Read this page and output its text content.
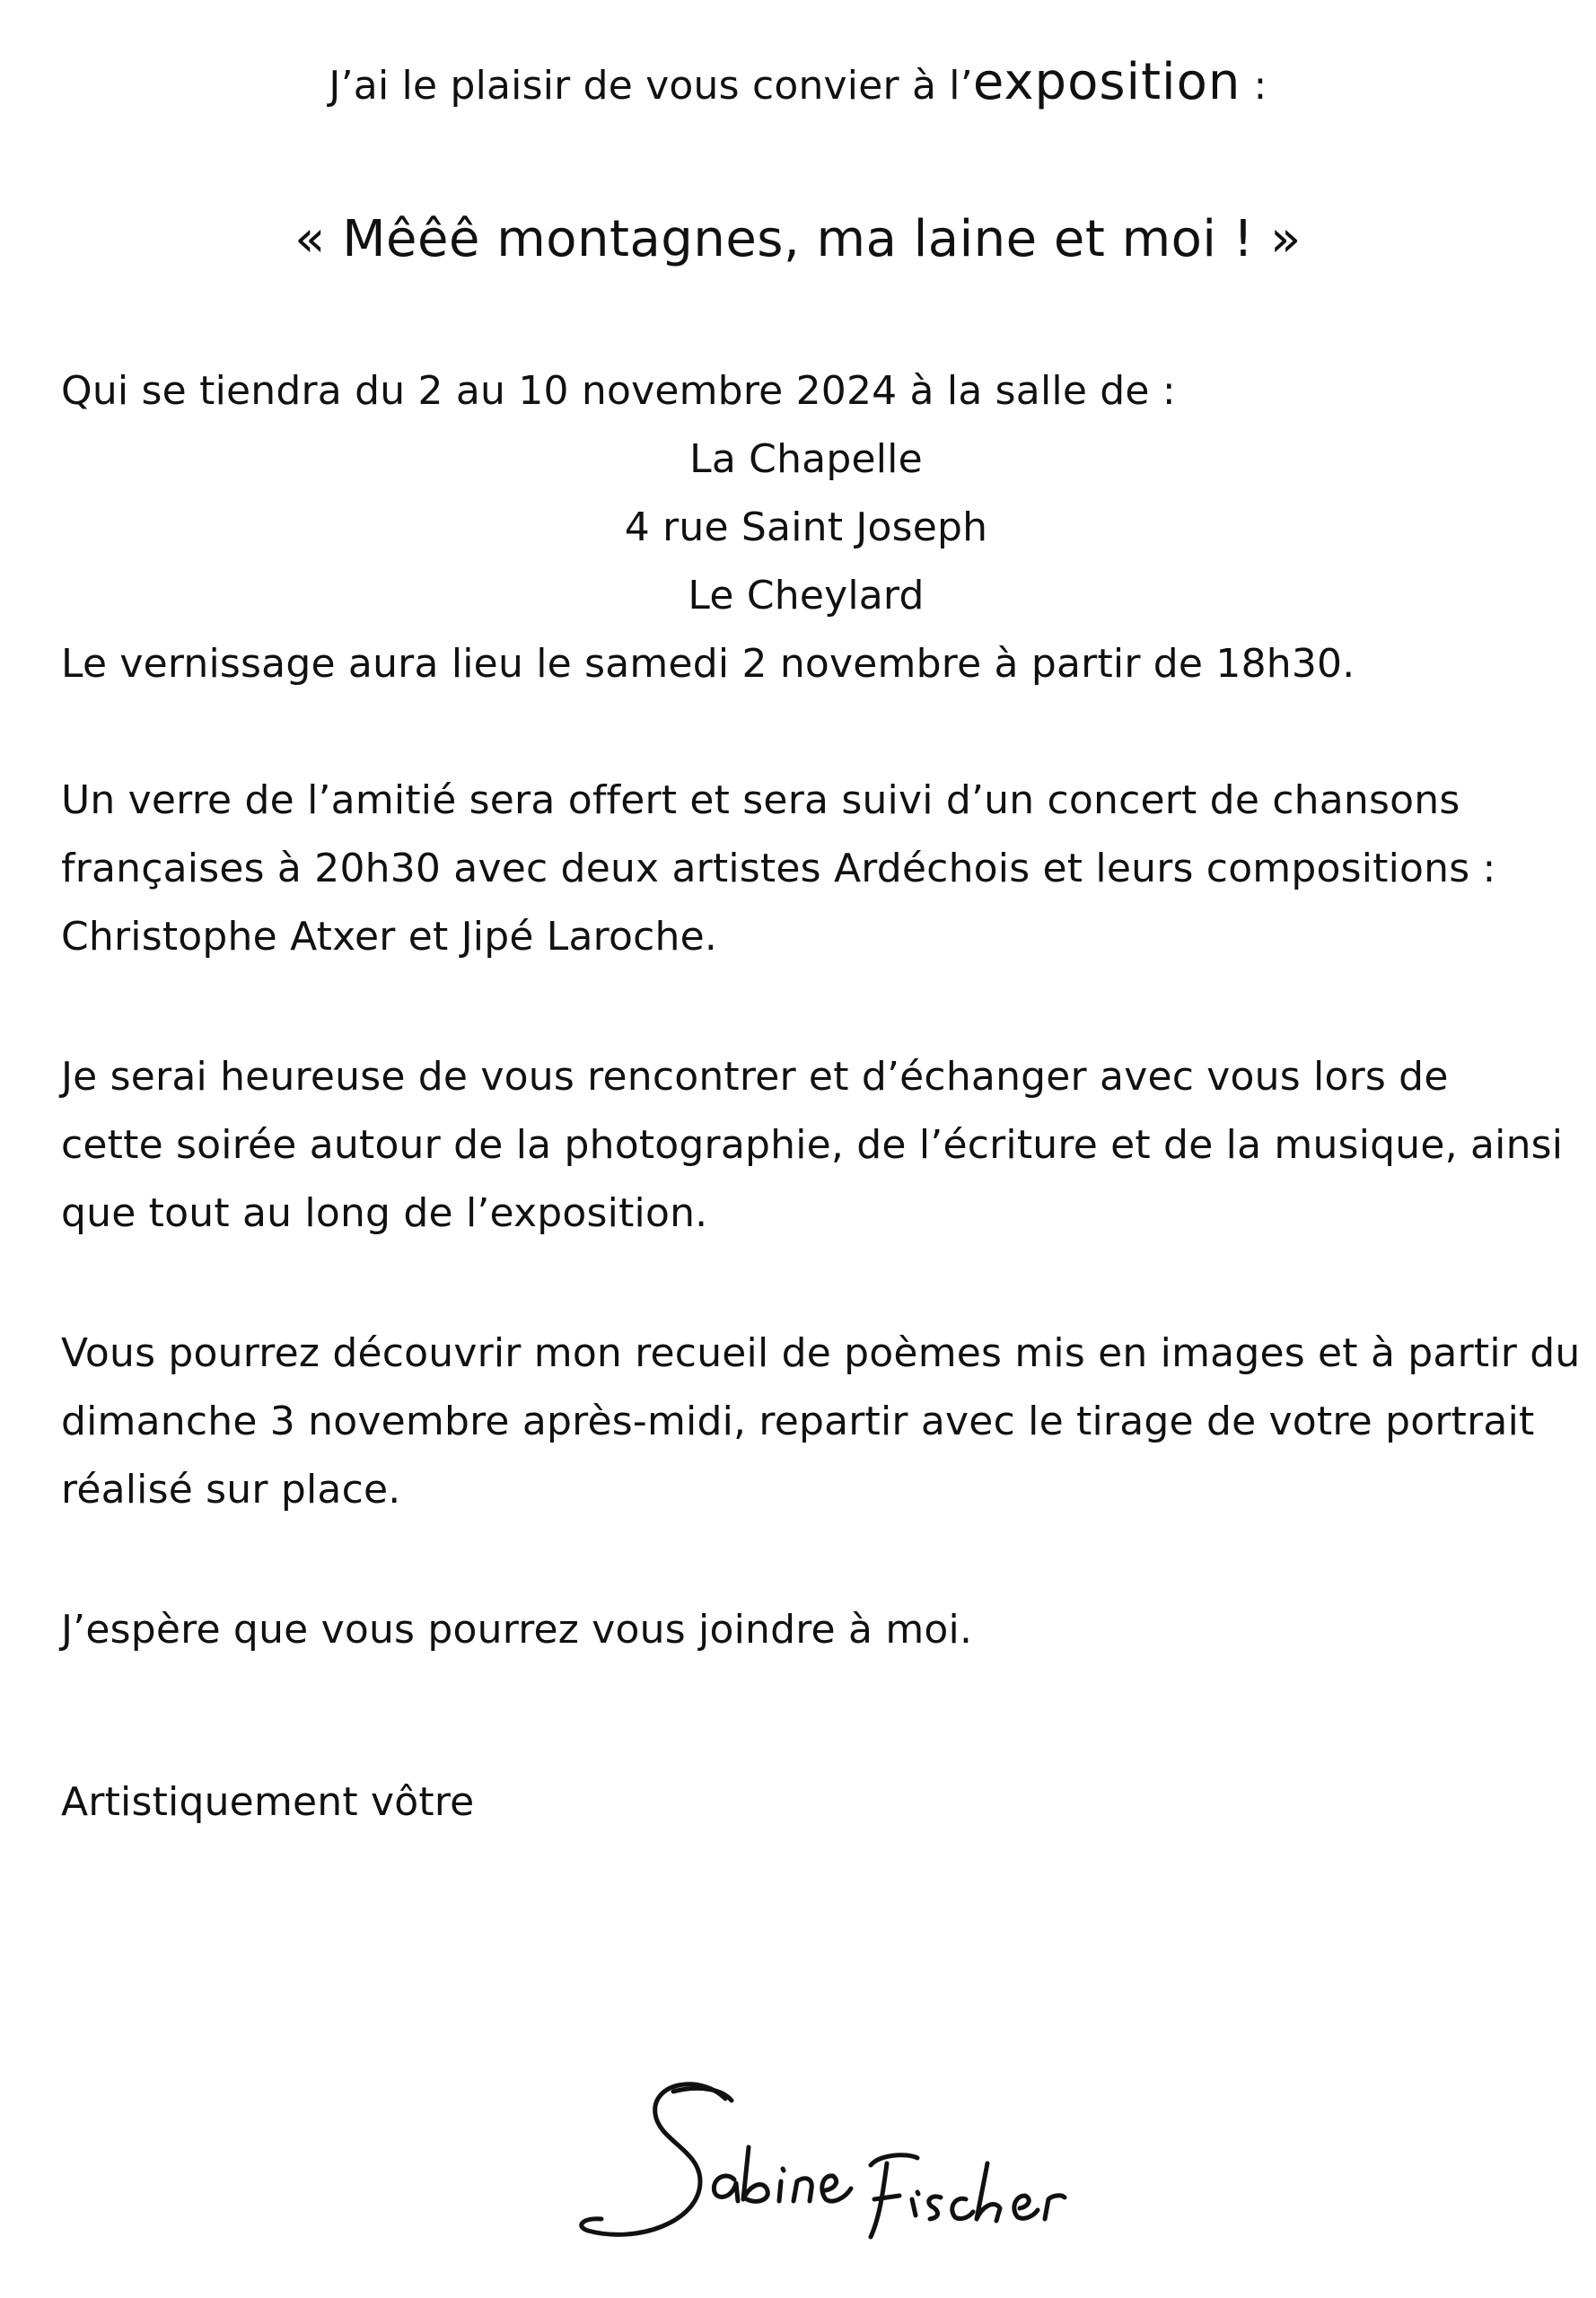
J’ai le plaisir de vous convier à l’exposition :
« Mêêê montagnes, ma laine et moi ! »
Qui se tiendra du 2 au 10 novembre 2024 à la salle de :
La Chapelle
4 rue Saint Joseph
Le Cheylard
Le vernissage aura lieu le samedi 2 novembre à partir de 18h30.
Un verre de l’amitié sera offert et sera suivi d’un concert de chansons
françaises à 20h30 avec deux artistes Ardéchois et leurs compositions :
Christophe Atxer et Jipé Laroche.
Je serai heureuse de vous rencontrer et d’échanger avec vous lors de
cette soirée autour de la photographie, de l’écriture et de la musique, ainsi
que tout au long de l’exposition.
Vous pourrez découvrir mon recueil de poèmes mis en images et à partir du
dimanche 3 novembre après-midi, repartir avec le tirage de votre portrait
réalisé sur place.
J’espère que vous pourrez vous joindre à moi.
Artistiquement vôtre
